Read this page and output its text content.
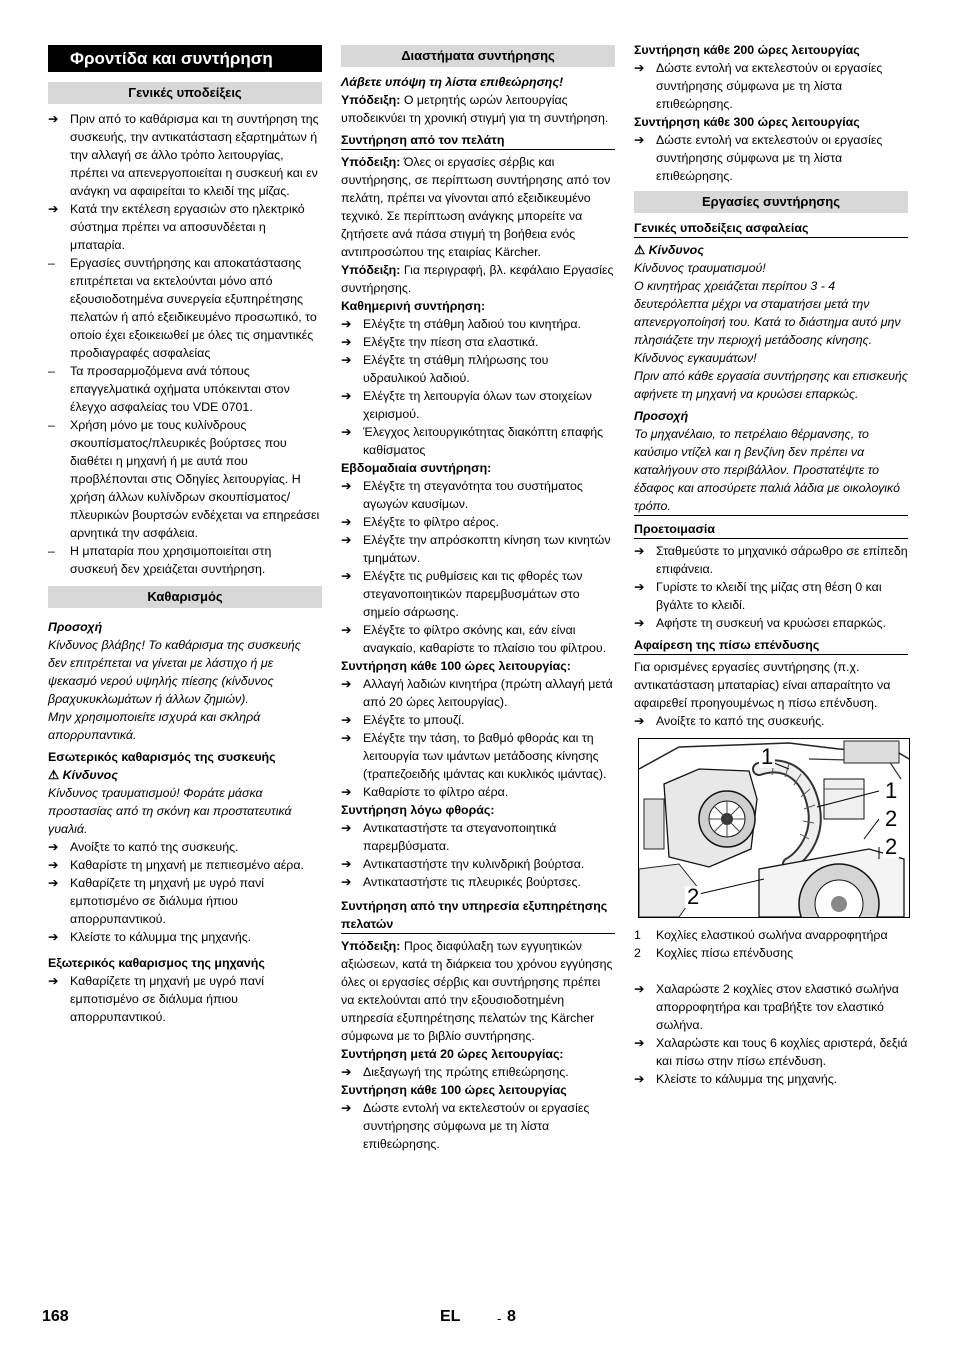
Φροντίδα και συντήρηση
Γενικές υποδείξεις
➔ Πριν από το καθάρισμα και τη συντήρηση της συσκευής, την αντικατάσταση εξαρτημάτων ή την αλλαγή σε άλλο τρόπο λειτουργίας, πρέπει να απενεργοποιείται η συσκευή και εν ανάγκη να αφαιρείται το κλειδί της μίζας.
➔ Κατά την εκτέλεση εργασιών στο ηλεκτρικό σύστημα πρέπει να αποσυνδέεται η μπαταρία.
–	Εργασίες συντήρησης και αποκατάστασης επιτρέπεται να εκτελούνται μόνο από εξουσιοδοτημένα συνεργεία εξυπηρέτησης πελατών ή από εξειδικευμένο προσωπικό, το οποίο έχει εξοικειωθεί με όλες τις σημαντικές προδιαγραφές ασφαλείας
–	Τα προσαρμοζόμενα ανά τόπους επαγγελματικά οχήματα υπόκεινται στον έλεγχο ασφαλείας του VDE 0701.
–	Χρήση μόνο με τους κυλίνδρους σκουπίσματος/πλευρικές βούρτσες που διαθέτει η μηχανή ή με αυτά που προβλέπονται στις Οδηγίες λειτουργίας. Η χρήση άλλων κυλίνδρων σκουπίσματος/πλευρικών βουρτσών ενδέχεται να επηρεάσει αρνητικά την ασφάλεια.
–	Η μπαταρία που χρησιμοποιείται στη συσκευή δεν χρειάζεται συντήρηση.
Καθαρισμός

Προσοχή

Κίνδυνος βλάβης! Το καθάρισμα της συσκευής δεν επιτρέπεται να γίνεται με λάστιχο ή με ψεκασμό νερού υψηλής πίεσης (κίνδυνος βραχυκυκλωμάτων ή άλλων ζημιών).

Μην χρησιμοποιείτε ισχυρά και σκληρά απορρυπαντικά.

Εσωτερικός καθαρισμός της συσκευής

⚠ Κίνδυνος

Κίνδυνος τραυματισμού! Φοράτε μάσκα προστασίας από τη σκόνη και προστατευτικά γυαλιά.

➔ Ανοίξτε το καπό της συσκευής.
➔ Καθαρίστε τη μηχανή με πεπιεσμένο αέρα.
➔ Καθαρίζετε τη μηχανή με υγρό πανί εμποτισμένο σε διάλυμα ήπιου απορρυπαντικού.
➔ Κλείστε το κάλυμμα της μηχανής.
Εξωτερικός καθαρισμος της μηχανής
➔ Καθαρίζετε τη μηχανή με υγρό πανί εμποτισμένο σε διάλυμα ήπιου απορρυπαντικού.
Διαστήματα συντήρησης
Λάβετε υπόψη τη λίστα επιθεώρησης!

Υπόδειξη: Ο μετρητής ωρών λειτουργίας υποδεικνύει τη χρονική στιγμή για τη συντήρηση.

Συντήρηση από τον πελάτη

Υπόδειξη: Όλες οι εργασίες σέρβις και συντήρησης, σε περίπτωση συντήρησης από τον πελάτη, πρέπει να γίνονται από εξειδικευμένο τεχνικό. Σε περίπτωση ανάγκης μπορείτε να ζητήσετε ανά πάσα στιγμή τη βοήθεια ενός αντιπροσώπου της εταιρίας Kärcher.

Υπόδειξη: Για περιγραφή, βλ. κεφάλαιο Εργασίες συντήρησης.

Καθημερινή συντήρηση:
➔ Ελέγξτε τη στάθμη λαδιού του κινητήρα.
➔ Ελέγξτε την πίεση στα ελαστικά.
➔ Ελέγξτε τη στάθμη πλήρωσης του υδραυλικού λαδιού.
➔ Ελέγξτε τη λειτουργία όλων των στοιχείων χειρισμού.
➔ Έλεγχος λειτουργικότητας διακόπτη επαφής καθίσματος
Εβδομαδιαία συντήρηση:
➔ Ελέγξτε τη στεγανότητα του συστήματος αγωγών καυσίμων.
➔ Ελέγξτε το φίλτρο αέρος.
➔ Ελέγξτε την απρόσκοπτη κίνηση των κινητών τμημάτων.
➔ Ελέγξτε τις ρυθμίσεις και τις φθορές των στεγανοποιητικών παρεμβυσμάτων στο σημείο σάρωσης.
➔ Ελέγξτε το φίλτρο σκόνης και, εάν είναι αναγκαίο, καθαρίστε το πλαίσιο του φίλτρου.
Συντήρηση κάθε 100 ώρες λειτουργίας:
➔ Αλλαγή λαδιών κινητήρα (πρώτη αλλαγή μετά από 20 ώρες λειτουργίας).
➔ Ελέγξτε το μπουζί.
➔ Ελέγξτε την τάση, το βαθμό φθοράς και τη λειτουργία των ιμάντων μετάδοσης κίνησης (τραπεζοειδής ιμάντας και κυκλικός ιμάντας).
➔ Καθαρίστε το φίλτρο αέρα.
Συντήρηση λόγω φθοράς:
➔ Αντικαταστήστε τα στεγανοποιητικά παρεμβύσματα.
➔ Αντικαταστήστε την κυλινδρική βούρτσα.
➔ Αντικαταστήστε τις πλευρικές βούρτσες.
Συντήρηση από την υπηρεσία εξυπηρέτησης πελατών

Υπόδειξη: Προς διαφύλαξη των εγγυητικών αξιώσεων, κατά τη διάρκεια του χρόνου εγγύησης όλες οι εργασίες σέρβις και συντήρησης πρέπει να εκτελούνται από την εξουσιοδοτημένη υπηρεσία εξυπηρέτησης πελατών της Kärcher σύμφωνα με το βιβλίο συντήρησης.

Συντήρηση μετά 20 ώρες λειτουργίας:
➔ Διεξαγωγή της πρώτης επιθεώρησης.
Συντήρηση κάθε 100 ώρες λειτουργίας
➔ Δώστε εντολή να εκτελεστούν οι εργασίες συντήρησης σύμφωνα με τη λίστα επιθεώρησης.
Συντήρηση κάθε 200 ώρες λειτουργίας
➔ Δώστε εντολή να εκτελεστούν οι εργασίες συντήρησης σύμφωνα με τη λίστα επιθεώρησης.
Συντήρηση κάθε 300 ώρες λειτουργίας
➔ Δώστε εντολή να εκτελεστούν οι εργασίες συντήρησης σύμφωνα με τη λίστα επιθεώρησης.
Εργασίες συντήρησης
Γενικές υποδείξεις ασφαλείας

⚠ Κίνδυνος

Κίνδυνος τραυματισμού!

Ο κινητήρας χρειάζεται περίπου 3 - 4 δευτερόλεπτα μέχρι να σταματήσει μετά την απενεργοποίησή του. Κατά το διάστημα αυτό μην πλησιάζετε την περιοχή μετάδοσης κίνησης.

Κίνδυνος εγκαυμάτων!

Πριν από κάθε εργασία συντήρησης και επισκευής αφήνετε τη μηχανή να κρυώσει επαρκώς.

Προσοχή

Το μηχανέλαιο, το πετρέλαιο θέρμανσης, το καύσιμο ντίζελ και η βενζίνη δεν πρέπει να καταλήγουν στο περιβάλλον. Προστατέψτε το έδαφος και αποσύρετε παλιά λάδια με οικολογικό τρόπο.

Προετοιμασία
➔ Σταθμεύστε το μηχανικό σάρωθρο σε επίπεδη επιφάνεια.
➔ Γυρίστε το κλειδί της μίζας στη θέση 0 και βγάλτε το κλειδί.
➔ Αφήστε τη συσκευή να κρυώσει επαρκώς.
Αφαίρεση της πίσω επένδυσης

Για ορισμένες εργασίες συντήρησης (π.χ. αντικατάσταση μπαταρίας) είναι απαραίτητο να αφαιρεθεί προηγουμένως η πίσω επένδυση.

➔ Ανοίξτε το καπό της συσκευής.
1
1
2
2
2
1 Κοχλίες ελαστικού σωλήνα αναρροφητήρα
2 Κοχλίες πίσω επένδυσης
➔ Χαλαρώστε 2 κοχλίες στον ελαστικό σωλήνα απορροφητήρα και τραβήξτε τον ελαστικό σωλήνα.
➔ Χαλαρώστε και τους 6 κοχλίες αριστερά, δεξιά και πίσω στην πίσω επένδυση.
➔ Κλείστε το κάλυμμα της μηχανής.
168	EL	- 8
